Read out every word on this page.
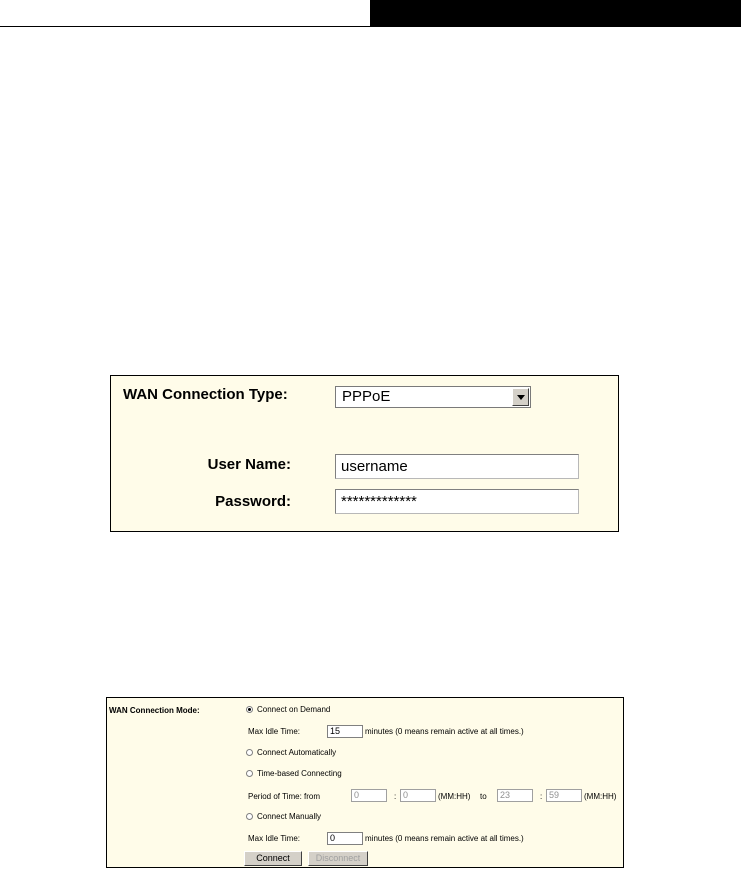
WAN Connection Type:	PPPoE
User Name:	username
Password:	*************
WAN Connection Mode:	Connect on Demand
Max Idle Time:	15	minutes (0 means remain active at all times.)
Connect Automatically
Time-based Connecting
Period of Time: from	0	: 0	(MM:HH) to	23	: 59	(MM:HH)
Connect Manually
Max Idle Time:	0	minutes (0 means remain active at all times.)
Connect	Disconnect
